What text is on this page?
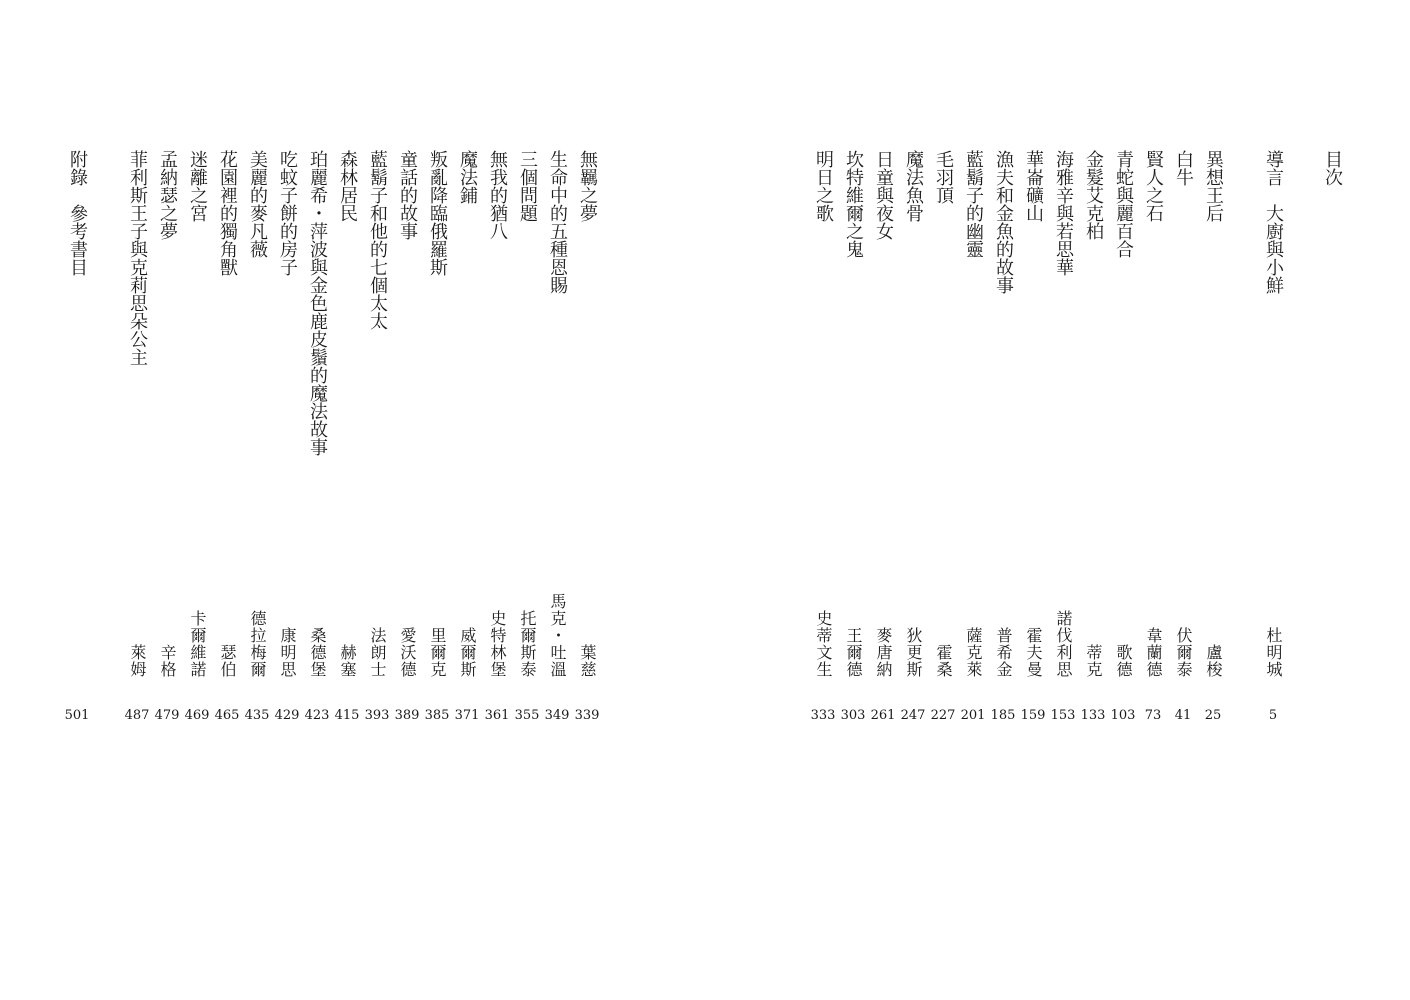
目次
導言　大廚與小鮮
杜明城
5
異想王后
盧梭
25
白牛
伏爾泰
41
賢人之石
韋蘭德
73
青蛇與麗百合
歌德
103
金髮艾克柏
蒂克
133
海雅辛與若思華
諾伐利思
153
華崙礦山
霍夫曼
159
漁夫和金魚的故事
普希金
185
藍鬍子的幽靈
薩克萊
201
毛羽頂
霍桑
227
魔法魚骨
狄更斯
247
日童與夜女
麥唐納
261
坎特維爾之鬼
王爾德
303
明日之歌
史蒂文生
333
無羈之夢
葉慈
339
生命中的五種恩賜
馬克・吐溫
349
三個問題
托爾斯泰
355
無我的猶八
史特林堡
361
魔法鋪
威爾斯
371
叛亂降臨俄羅斯
里爾克
385
童話的故事
愛沃德
389
藍鬍子和他的七個太太
法朗士
393
森林居民
赫塞
415
珀麗希・萍波與金色鹿皮鬚的魔法故事
桑德堡
423
吃蚊子餅的房子
康明思
429
美麗的麥凡薇
德拉梅爾
435
花園裡的獨角獸
瑟伯
465
迷離之宮
卡爾維諾
469
孟納瑟之夢
辛格
479
菲利斯王子與克莉思朵公主
萊姆
487
附錄　參考書目
501
